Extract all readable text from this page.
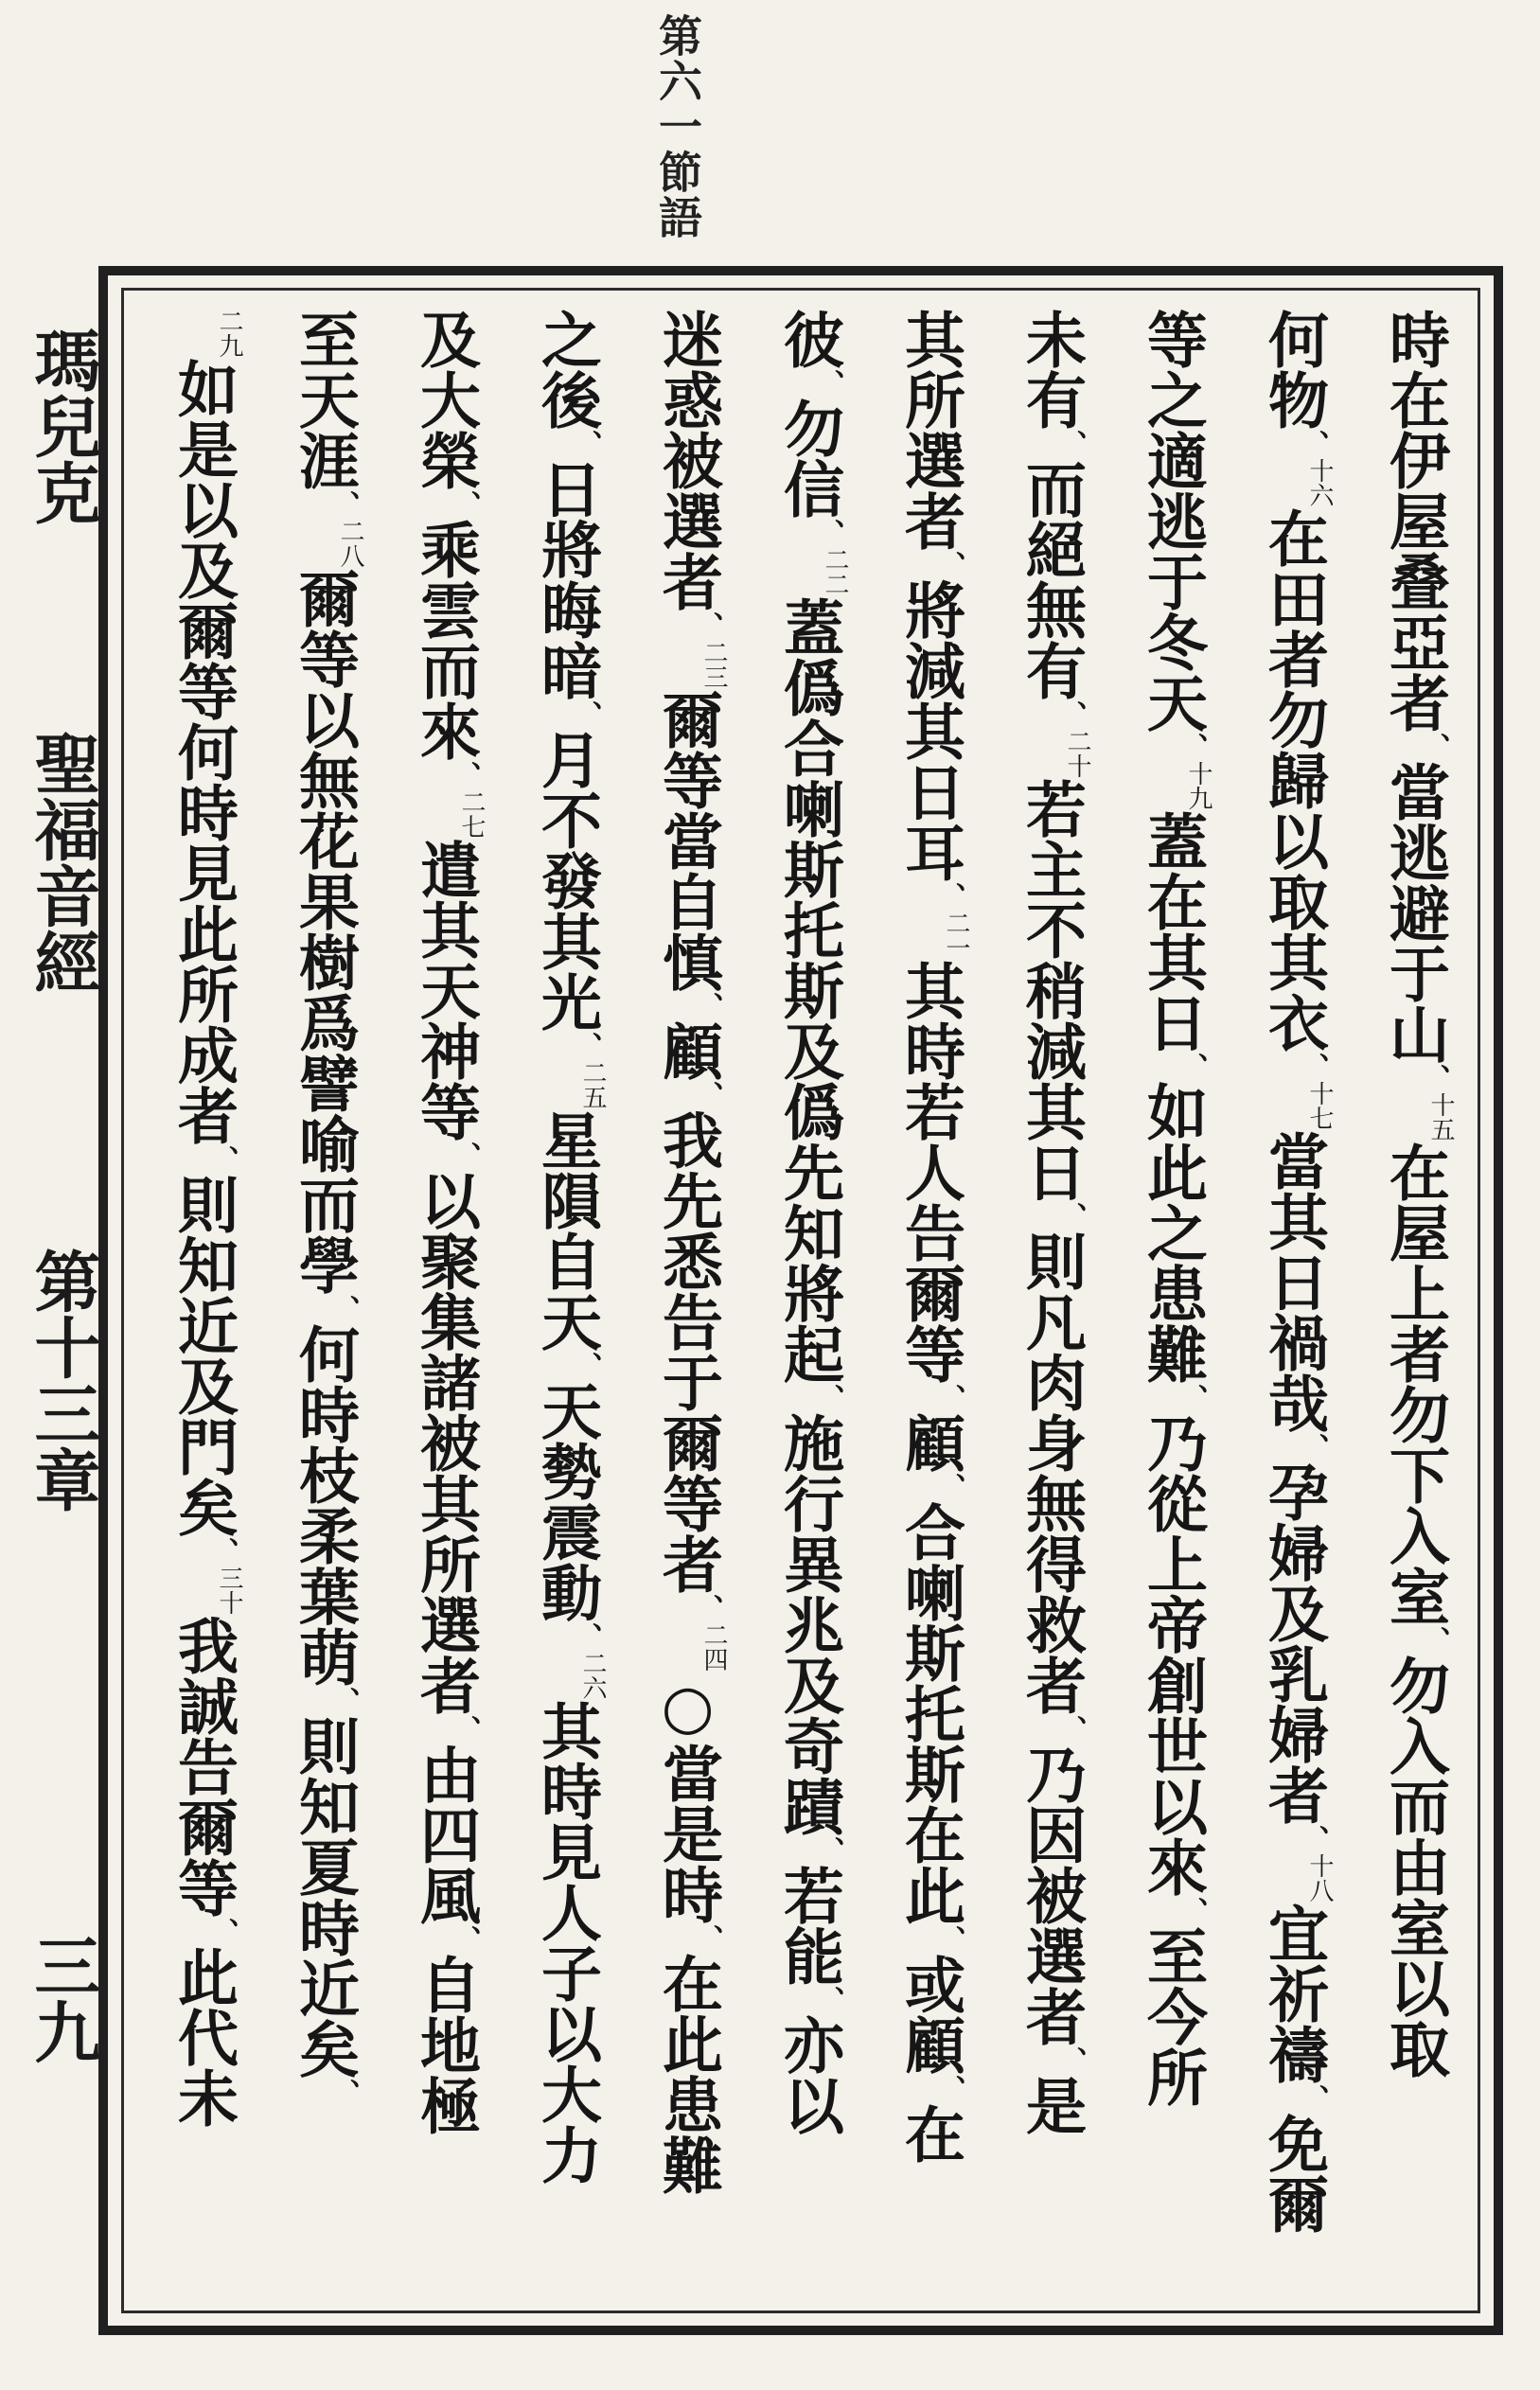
第六一節語
瑪兒克
聖福音經
第十三章
三九
時在伊屋叠亞者、當逃避于山、十五在屋上者勿下入室、勿入而由室以取
何物、十六在田者勿歸以取其衣、十七當其日禍哉、孕婦及乳婦者、十八宜祈禱、免爾
等之適逃于冬天、十九蓋在其日、如此之患難、乃從上帝創世以來、至今所
未有、而絕無有、二十若主不稍減其日、則凡肉身無得救者、乃因被選者、是
其所選者、將減其日耳、二一其時若人告爾等、顧、合喇斯托斯在此、或顧、在
彼、勿信、二二蓋僞合喇斯托斯及僞先知將起、施行異兆及奇蹟、若能、亦以
迷惑被選者、二三爾等當自慎、顧、我先悉告于爾等者、二四○當是時、在此患難
之後、日將晦暗、月不發其光、二五星隕自天、天勢震動、二六其時見人子以大力
及大榮、乘雲而來、二七遣其天神等、以聚集諸被其所選者、由四風、自地極
至天涯、二八爾等以無花果樹爲譬喻而學、何時枝柔葉萌、則知夏時近矣、
二九如是以及爾等何時見此所成者、則知近及門矣、三十我誠告爾等、此代未
